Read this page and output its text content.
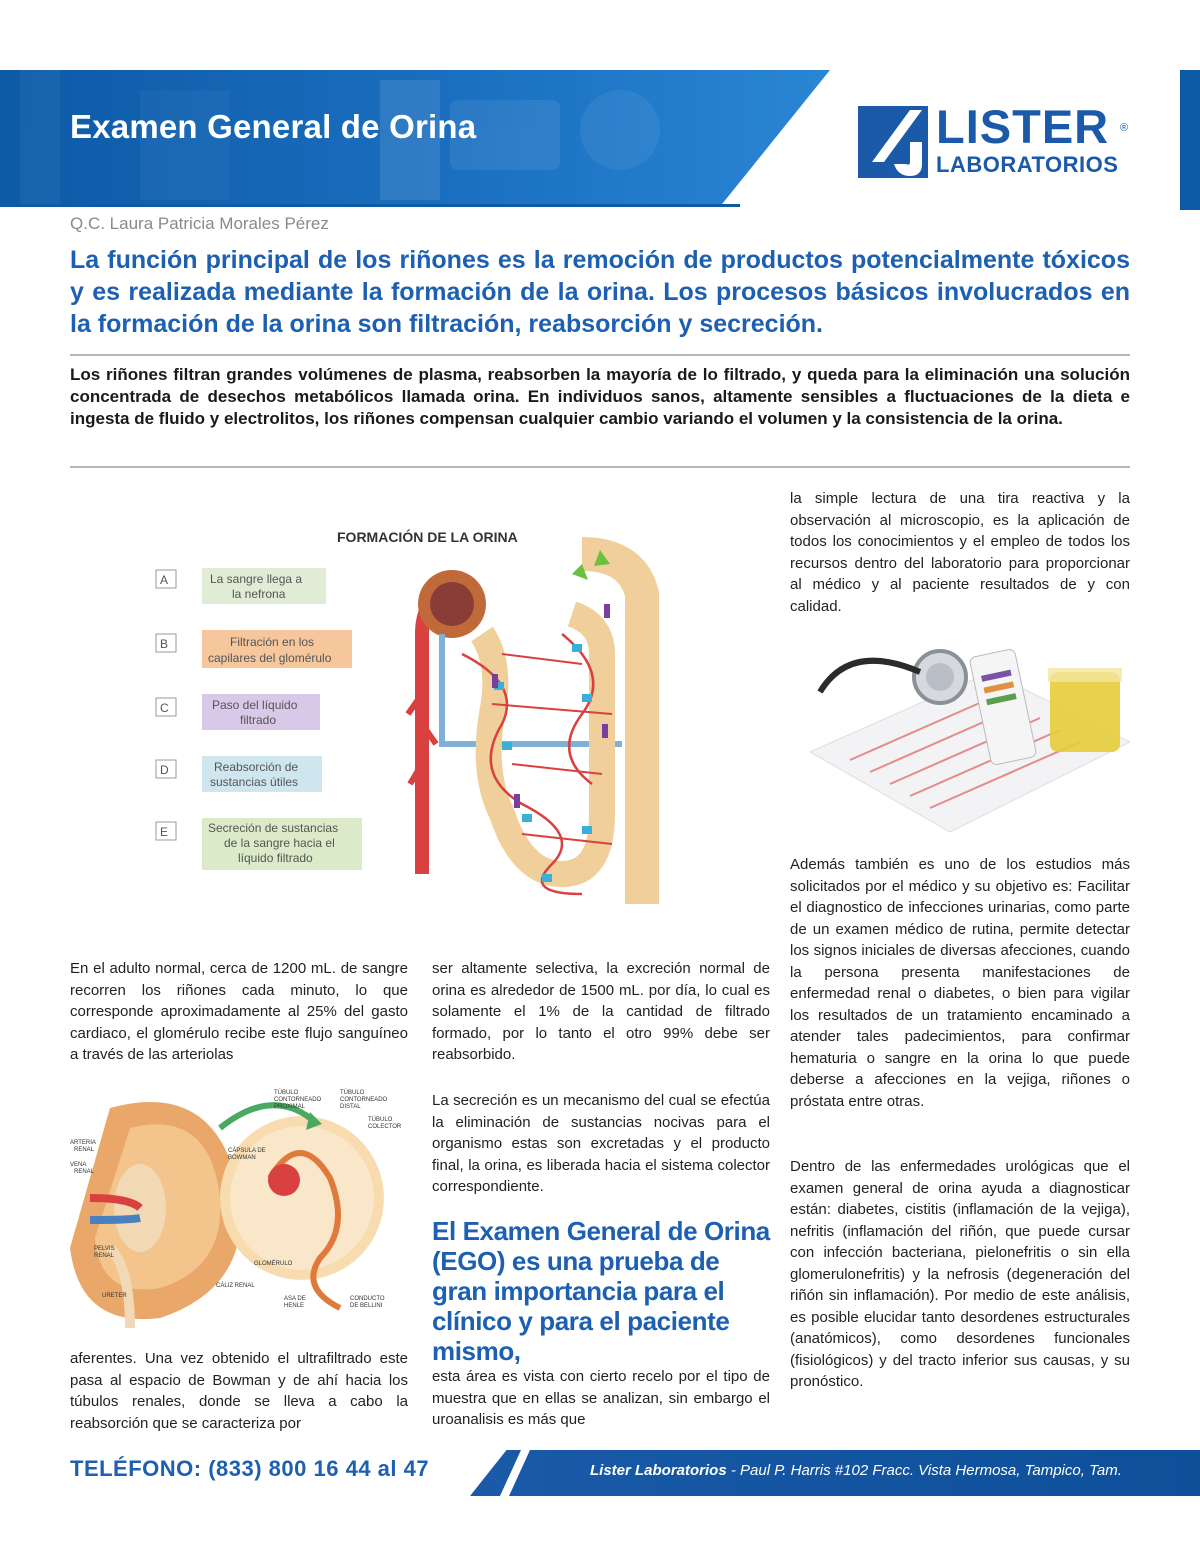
Examen General de Orina	LISTER ®
LABORATORIOS
Q.C. Laura Patricia Morales Pérez
La función principal de los riñones es la remoción de productos potencialmente tóxicos y es realizada mediante la formación de la orina. Los procesos básicos involucrados en la formación de la orina son filtración, reabsorción y secreción.
Los riñones filtran grandes volúmenes de plasma, reabsorben la mayoría de lo filtrado, y queda para la eliminación una solución concentrada de desechos metabólicos llamada orina. En individuos sanos, altamente sensibles a fluctuaciones de la dieta e ingesta de fluido y electrolitos, los riñones compensan cualquier cambio variando el volumen y la consistencia de la orina.
FORMACIÓN DE LA ORINA
A	La sangre llega a
la nefrona
B	Filtración en los
capilares del glomérulo
C	Paso del líquido
filtrado
D	Reabsorción de
sustancias útiles
E	Secreción de sustancias
de la sangre hacia el
líquido filtrado
ARTERIA
RENAL
VENA
RENAL
PELVIS
RENAL
URETER
CÁLIZ RENAL
CÁPSULA DE
BOWMAN
GLOMÉRULO
TÚBULO
CONTORNEADO
PROXIMAL
TÚBULO
CONTORNEADO
DISTAL
TÚBULO
COLECTOR
ASA DE
HENLE
CONDUCTO
DE BELLINI
En el adulto normal, cerca de 1200 mL. de sangre recorren los riñones cada minuto, lo que corresponde aproximadamente al 25% del gasto cardiaco, el glomérulo recibe este flujo sanguíneo a través de las arteriolas
aferentes. Una vez obtenido el ultrafiltrado este pasa al espacio de Bowman y de ahí hacia los túbulos renales, donde se lleva a cabo la reabsorción que se caracteriza por
ser altamente selectiva, la excreción normal de orina es alrededor de 1500 mL. por día, lo cual es solamente el 1% de la cantidad de filtrado formado, por lo tanto el otro 99% debe ser reabsorbido.
La secreción es un mecanismo del cual se efectúa la eliminación de sustancias nocivas para el organismo estas son excretadas y el producto final, la orina, es liberada hacia el sistema colector correspondiente.
El Examen General de Orina (EGO) es una prueba de gran importancia para el clínico y para el paciente mismo,
esta área es vista con cierto recelo por el tipo de muestra que en ellas se analizan, sin embargo el uroanalisis es más que
la simple lectura de una tira reactiva y la observación al microscopio, es la aplicación de todos los conocimientos y el empleo de todos los recursos dentro del laboratorio para proporcionar al médico y al paciente resultados de y con calidad.
Además también es uno de los estudios más solicitados por el médico y su objetivo es: Facilitar el diagnostico de infecciones urinarias, como parte de un examen médico de rutina, permite detectar los signos iniciales de diversas afecciones, cuando la persona presenta manifestaciones de enfermedad renal o diabetes, o bien para vigilar los resultados de un tratamiento encaminado a atender tales padecimientos, para confirmar hematuria o sangre en la orina lo que puede deberse a afecciones en la vejiga, riñones o próstata entre otras.
Dentro de las enfermedades urológicas que el examen general de orina ayuda a diagnosticar están: diabetes, cistitis (inflamación de la vejiga), nefritis (inflamación del riñón, que puede cursar con infección bacteriana, pielonefritis o sin ella glomerulonefritis) y la nefrosis (degeneración del riñón sin inflamación). Por medio de este análisis, es posible elucidar tanto desordenes estructurales (anatómicos), como desordenes funcionales (fisiológicos) y del tracto inferior sus causas, y su pronóstico.
TELÉFONO: (833) 800 16 44 al 47	Lister Laboratorios - Paul P. Harris #102 Fracc. Vista Hermosa, Tampico, Tam.
